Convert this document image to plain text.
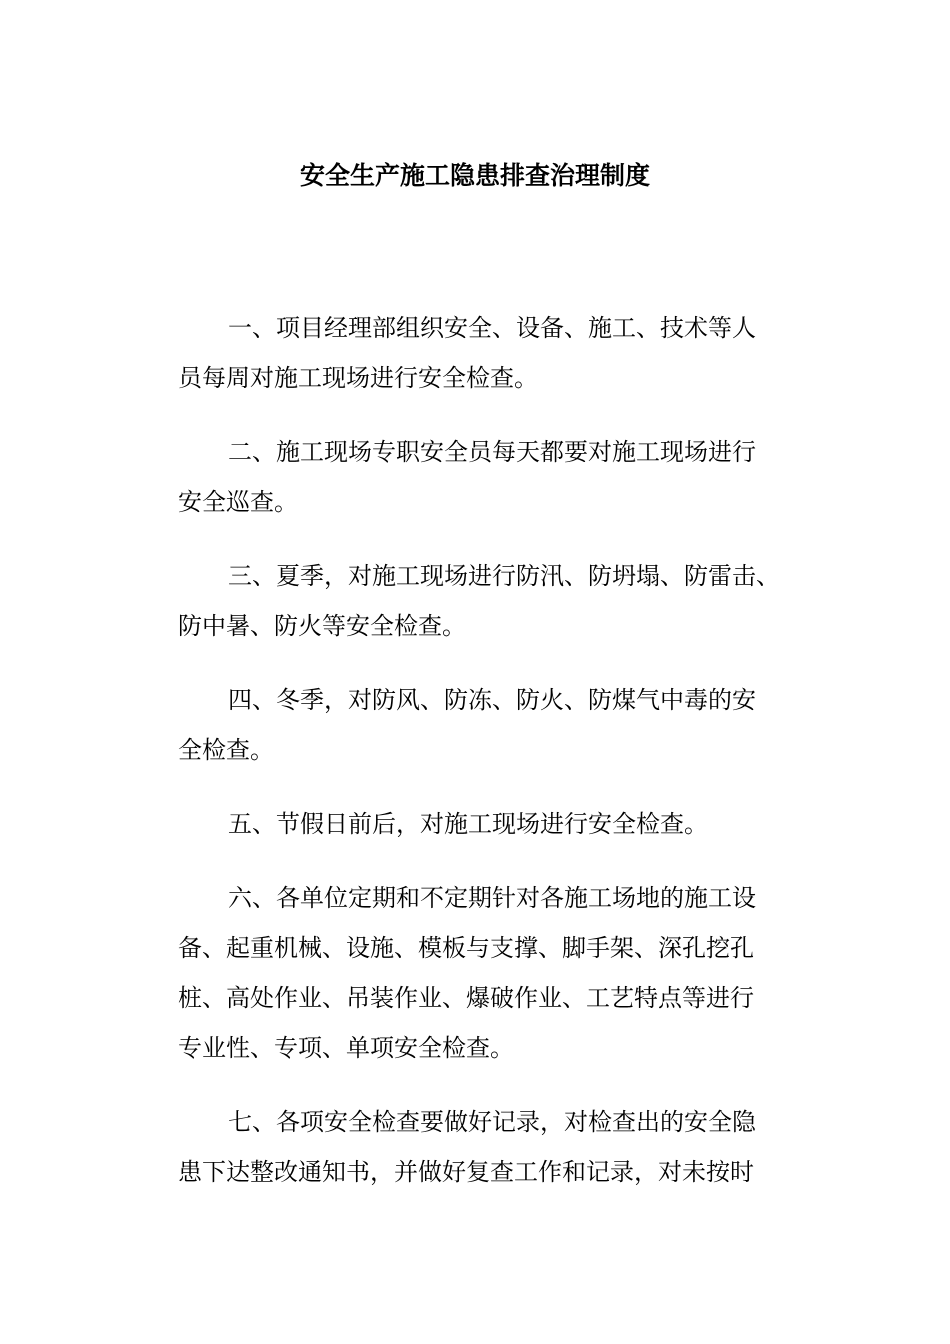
安全生产施工隐患排查治理制度

一、项目经理部组织安全、设备、施工、技术等人
员每周对施工现场进行安全检查。

二、施工现场专职安全员每天都要对施工现场进行
安全巡查。

三、夏季，对施工现场进行防汛、防坍塌、防雷击、
防中暑、防火等安全检查。

四、冬季，对防风、防冻、防火、防煤气中毒的安
全检查。

五、节假日前后，对施工现场进行安全检查。

六、各单位定期和不定期针对各施工场地的施工设
备、起重机械、设施、模板与支撑、脚手架、深孔挖孔
桩、高处作业、吊装作业、爆破作业、工艺特点等进行
专业性、专项、单项安全检查。

七、各项安全检查要做好记录，对检查出的安全隐
患下达整改通知书，并做好复查工作和记录，对未按时
